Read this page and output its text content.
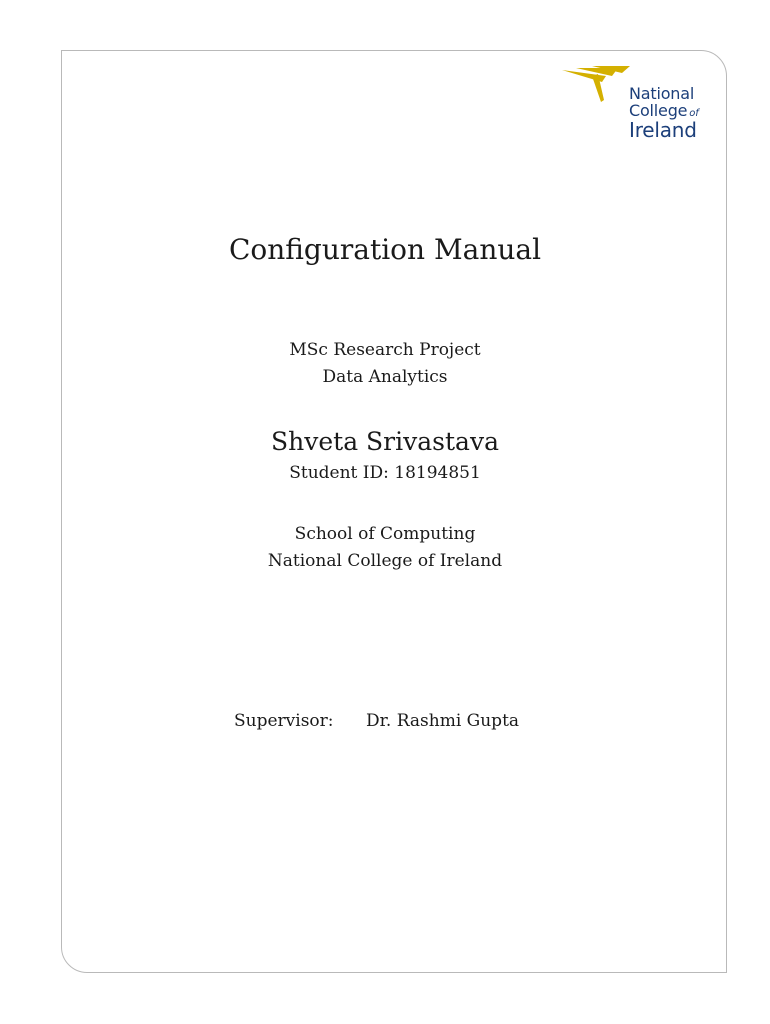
National
College of
Ireland
Configuration Manual
MSc Research Project
Data Analytics
Shveta Srivastava
Student ID: 18194851
School of Computing
National College of Ireland
Supervisor: Dr. Rashmi Gupta
